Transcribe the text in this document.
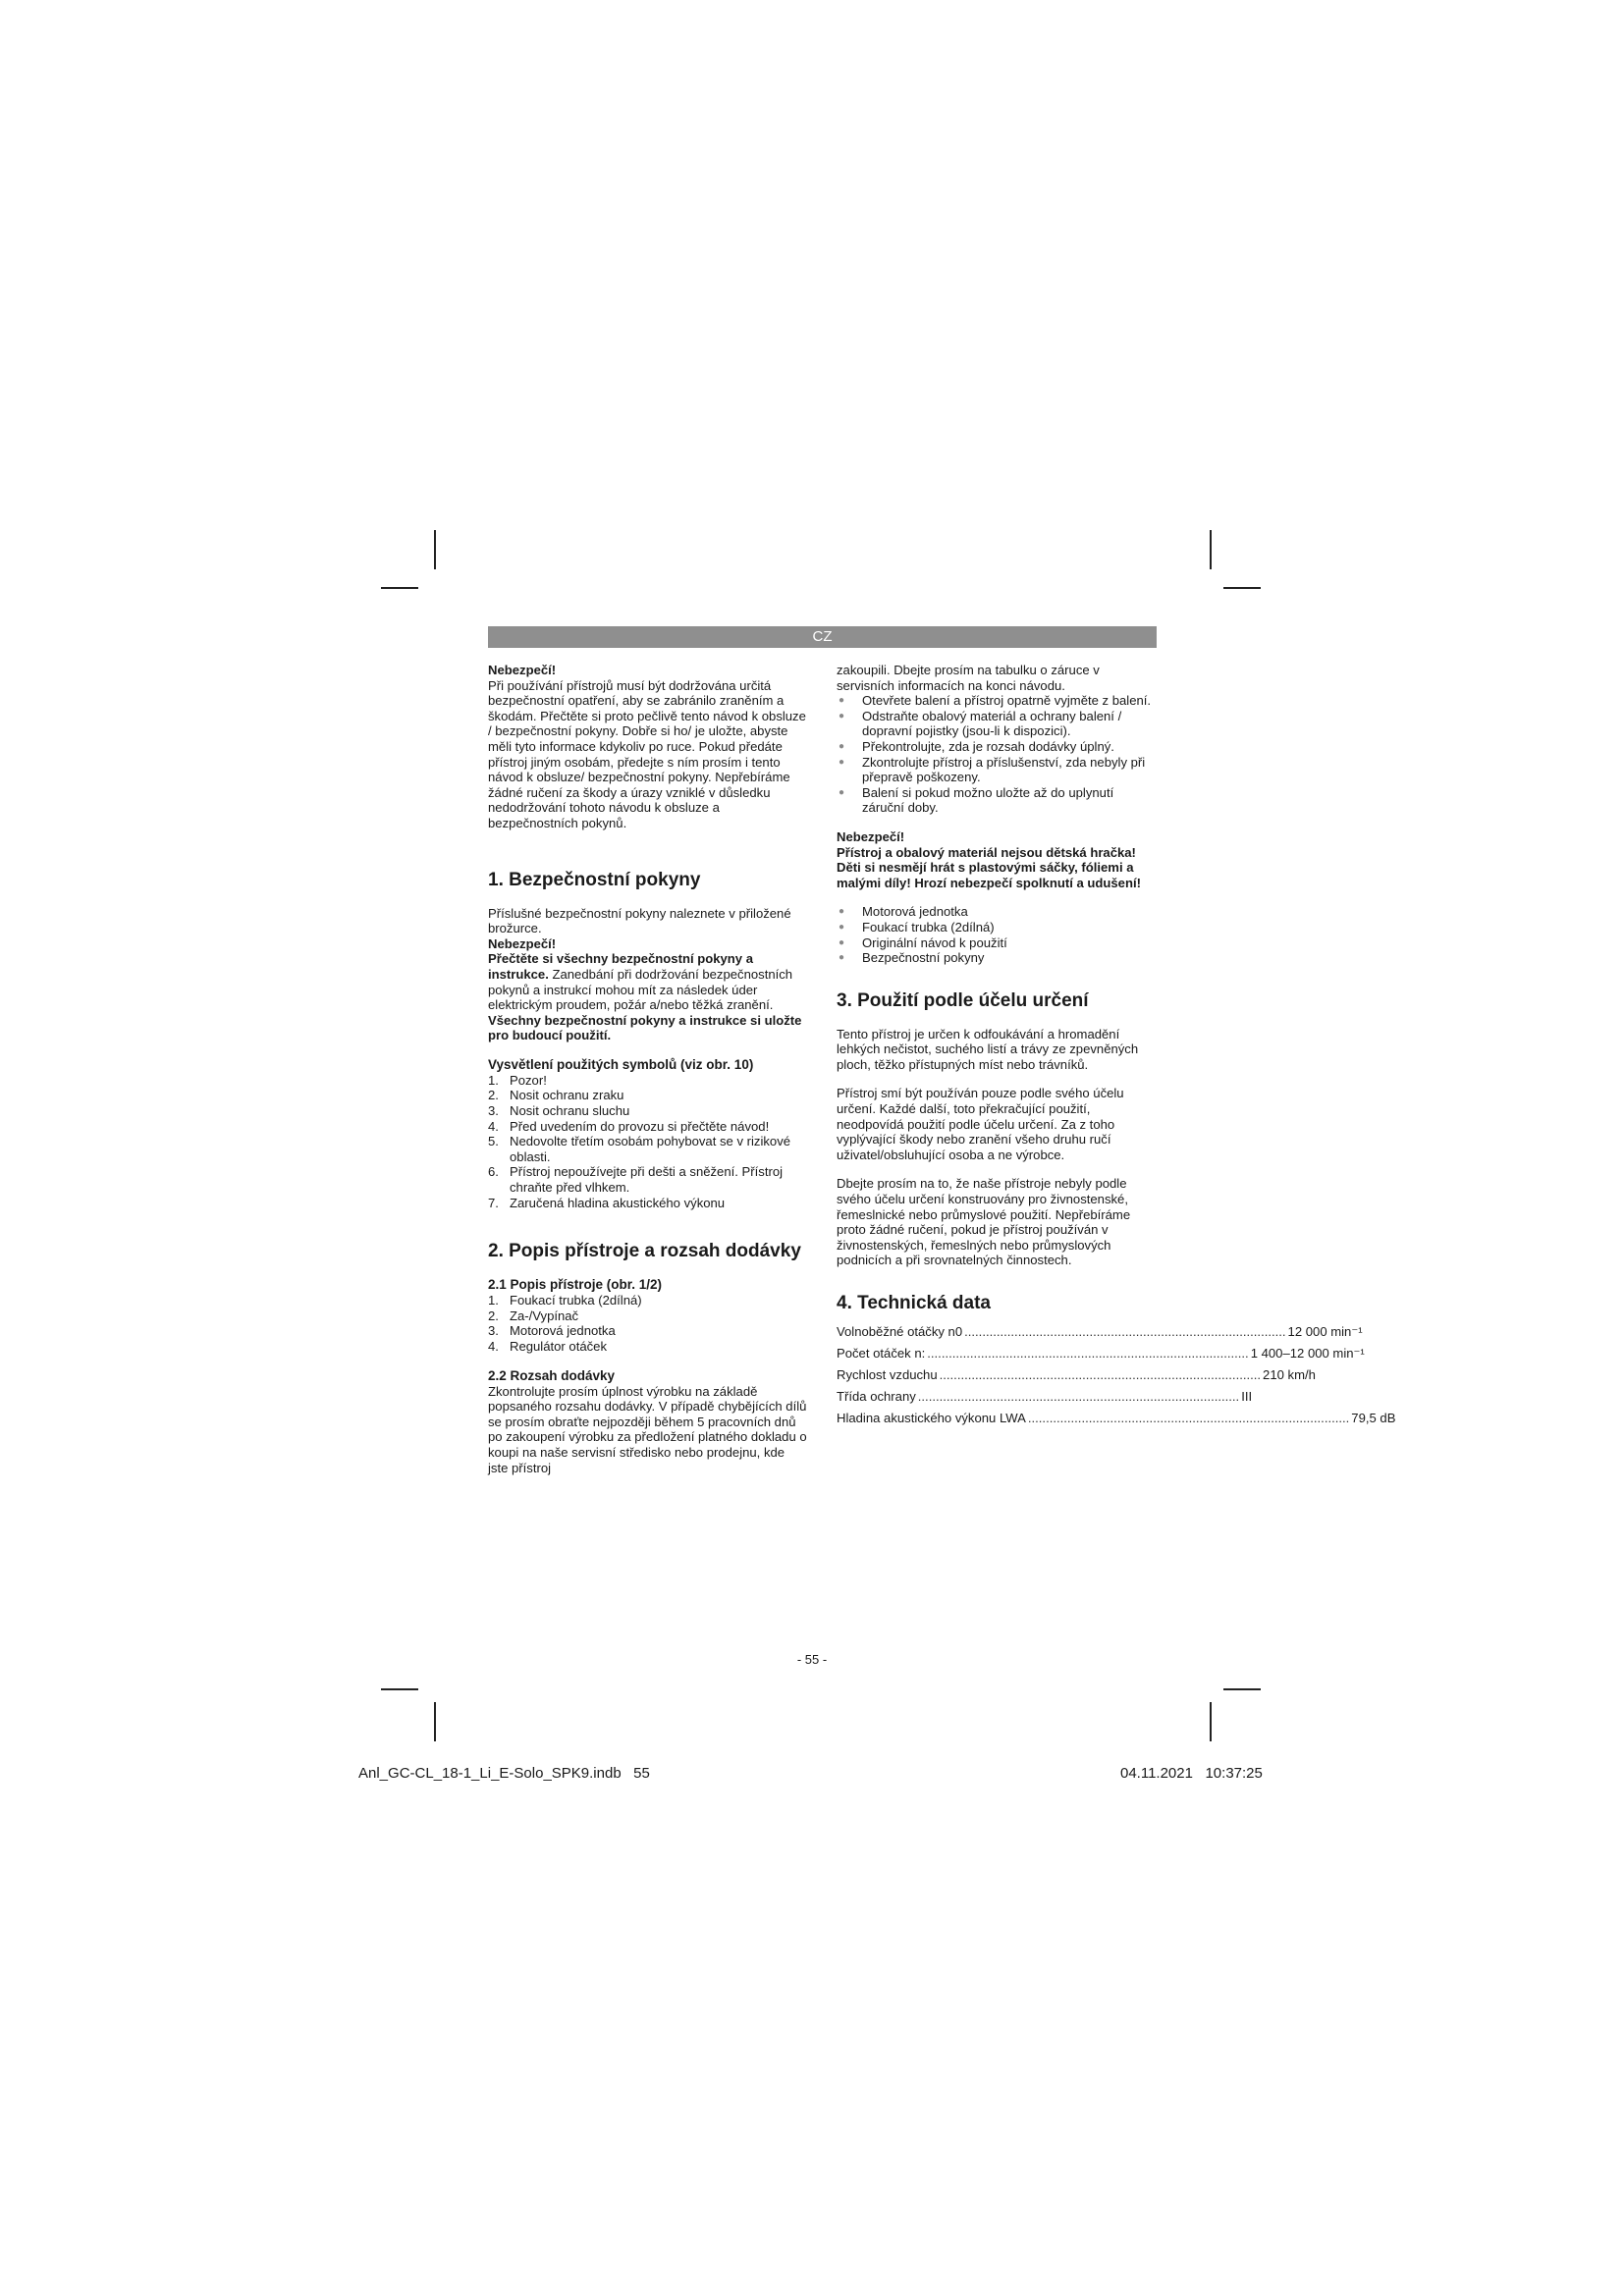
CZ

Nebezpečí!

Při používání přístrojů musí být dodržována určitá bezpečnostní opatření, aby se zabránilo zraněním a škodám. Přečtěte si proto pečlivě tento návod k obsluze / bezpečnostní pokyny. Dobře si ho/ je uložte, abyste měli tyto informace kdykoliv po ruce. Pokud předáte přístroj jiným osobám, předejte s ním prosím i tento návod k obsluze/ bezpečnostní pokyny. Nepřebíráme žádné ručení za škody a úrazy vzniklé v důsledku nedodržování tohoto návodu k obsluze a bezpečnostních pokynů.

1. Bezpečnostní pokyny

Příslušné bezpečnostní pokyny naleznete v přiložené brožurce.

Nebezpečí!

Přečtěte si všechny bezpečnostní pokyny a instrukce. Zanedbání při dodržování bezpečnostních pokynů a instrukcí mohou mít za následek úder elektrickým proudem, požár a/nebo těžká zranění. Všechny bezpečnostní pokyny a instrukce si uložte pro budoucí použití.

Vysvětlení použitých symbolů (viz obr. 10)
1. Pozor!
2. Nosit ochranu zraku
3. Nosit ochranu sluchu
4. Před uvedením do provozu si přečtěte návod!
5. Nedovolte třetím osobám pohybovat se v rizikové oblasti.
6. Přístroj nepoužívejte při dešti a sněžení. Přístroj chraňte před vlhkem.
7. Zaručená hladina akustického výkonu
2. Popis přístroje a rozsah dodávky
2.1 Popis přístroje (obr. 1/2)
1. Foukací trubka (2dílná)
2. Za-/Vypínač
3. Motorová jednotka
4. Regulátor otáček
2.2 Rozsah dodávky

Zkontrolujte prosím úplnost výrobku na základě popsaného rozsahu dodávky. V případě chybějících dílů se prosím obraťte nejpozději během 5 pracovních dnů po zakoupení výrobku za předložení platného dokladu o koupi na naše servisní středisko nebo prodejnu, kde jste přístroj

zakoupili. Dbejte prosím na tabulku o záruce v servisních informacích na konci návodu.

●	Otevřete balení a přístroj opatrně vyjměte z balení.
●	Odstraňte obalový materiál a ochrany balení / dopravní pojistky (jsou-li k dispozici).
●	Překontrolujte, zda je rozsah dodávky úplný.
●	Zkontrolujte přístroj a příslušenství, zda nebyly při přepravě poškozeny.
●	Balení si pokud možno uložte až do uplynutí záruční doby.

Nebezpečí!

Přístroj a obalový materiál nejsou dětská hračka! Děti si nesmějí hrát s plastovými sáčky, fóliemi a malými díly! Hrozí nebezpečí spolknutí a udušení!

●	Motorová jednotka
●	Foukací trubka (2dílná)
●	Originální návod k použití
●	Bezpečnostní pokyny
3. Použití podle účelu určení

Tento přístroj je určen k odfoukávání a hromadění lehkých nečistot, suchého listí a trávy ze zpevněných ploch, těžko přístupných míst nebo trávníků.

Přístroj smí být používán pouze podle svého účelu určení. Každé další, toto překračující použití, neodpovídá použití podle účelu určení. Za z toho vyplývající škody nebo zranění všeho druhu ručí uživatel/obsluhující osoba a ne výrobce.

Dbejte prosím na to, že naše přístroje nebyly podle svého účelu určení konstruovány pro živnostenské, řemeslnické nebo průmyslové použití. Nepřebíráme proto žádné ručení, pokud je přístroj používán v živnostenských, řemeslných nebo průmyslových podnicích a při srovnatelných činnostech.

4. Technická data
Volnoběžné otáčky n0 .......................................................................................... 12 000 min⁻¹
Počet otáček n: .......................................................................................... 1 400–12 000 min⁻¹
Rychlost vzduchu .......................................................................................... 210 km/h
Třída ochrany .......................................................................................... III
Hladina akustického výkonu LWA .......................................................................................... 79,5 dB
- 55 -
Anl_GC-CL_18-1_Li_E-Solo_SPK9.indb   55	04.11.2021   10:37:25
